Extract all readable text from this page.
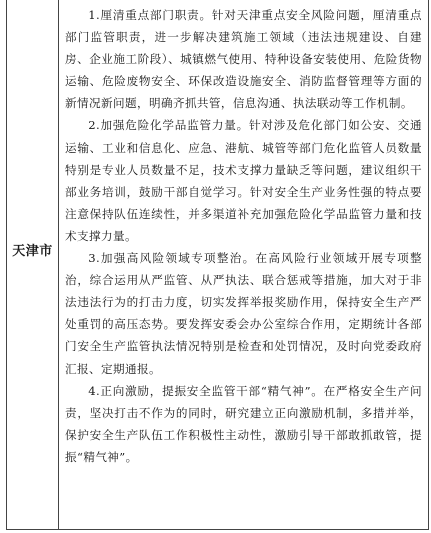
天津市

1.厘清重点部门职责。针对天津重点安全风险问题，厘清重点部门监管职责，进一步解决建筑施工领域（违法违规建设、自建房、企业施工阶段）、城镇燃气使用、特种设备安装使用、危险货物运输、危险废物安全、环保改造设施安全、消防监督管理等方面的新情况新问题，明确齐抓共管，信息沟通、执法联动等工作机制。

2.加强危险化学品监管力量。针对涉及危化部门如公安、交通运输、工业和信息化、应急、港航、城管等部门危化监管人员数量特别是专业人员数量不足，技术支撑力量缺乏等问题，建议组织干部业务培训，鼓励干部自觉学习。针对安全生产业务性强的特点要注意保持队伍连续性，并多渠道补充加强危险化学品监管力量和技术支撑力量。

3.加强高风险领域专项整治。在高风险行业领域开展专项整治，综合运用从严监管、从严执法、联合惩戒等措施，加大对于非法违法行为的打击力度，切实发挥举报奖励作用，保持安全生产严处重罚的高压态势。要发挥安委会办公室综合作用，定期统计各部门安全生产监管执法情况特别是检查和处罚情况，及时向党委政府汇报、定期通报。

4.正向激励，提振安全监管干部“精气神”。在严格安全生产问责，坚决打击不作为的同时，研究建立正向激励机制，多措并举，保护安全生产队伍工作积极性主动性，激励引导干部敢抓敢管，提振“精气神”。
